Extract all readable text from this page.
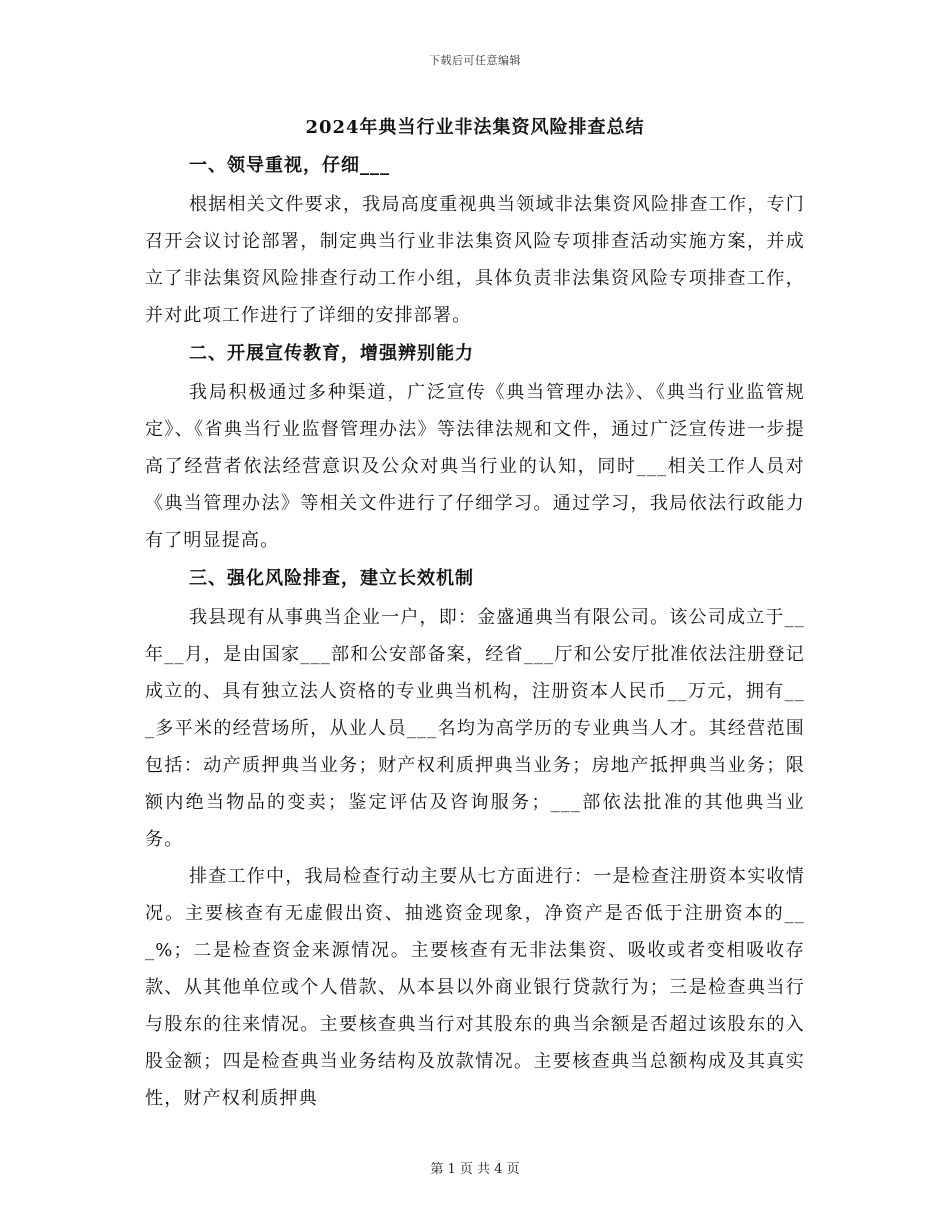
下载后可任意编辑
2024年典当行业非法集资风险排查总结
一、领导重视，仔细___

根据相关文件要求，我局高度重视典当领域非法集资风险排查工作，专门召开会议讨论部署，制定典当行业非法集资风险专项排查活动实施方案，并成立了非法集资风险排查行动工作小组，具体负责非法集资风险专项排查工作，并对此项工作进行了详细的安排部署。

二、开展宣传教育，增强辨别能力

我局积极通过多种渠道，广泛宣传《典当管理办法》、《典当行业监管规定》、《省典当行业监督管理办法》等法律法规和文件，通过广泛宣传进一步提高了经营者依法经营意识及公众对典当行业的认知，同时___相关工作人员对《典当管理办法》等相关文件进行了仔细学习。通过学习，我局依法行政能力有了明显提高。

三、强化风险排查，建立长效机制

我县现有从事典当企业一户，即：金盛通典当有限公司。该公司成立于__年__月，是由国家___部和公安部备案，经省___厅和公安厅批准依法注册登记成立的、具有独立法人资格的专业典当机构，注册资本人民币__万元，拥有___多平米的经营场所，从业人员___名均为高学历的专业典当人才。其经营范围包括：动产质押典当业务；财产权利质押典当业务；房地产抵押典当业务；限额内绝当物品的变卖；鉴定评估及咨询服务；___部依法批准的其他典当业务。

排查工作中，我局检查行动主要从七方面进行：一是检查注册资本实收情况。主要核查有无虚假出资、抽逃资金现象，净资产是否低于注册资本的___%；二是检查资金来源情况。主要核查有无非法集资、吸收或者变相吸收存款、从其他单位或个人借款、从本县以外商业银行贷款行为；三是检查典当行与股东的往来情况。主要核查典当行对其股东的典当余额是否超过该股东的入股金额；四是检查典当业务结构及放款情况。主要核查典当总额构成及其真实性，财产权利质押典

第 1 页 共 4 页
